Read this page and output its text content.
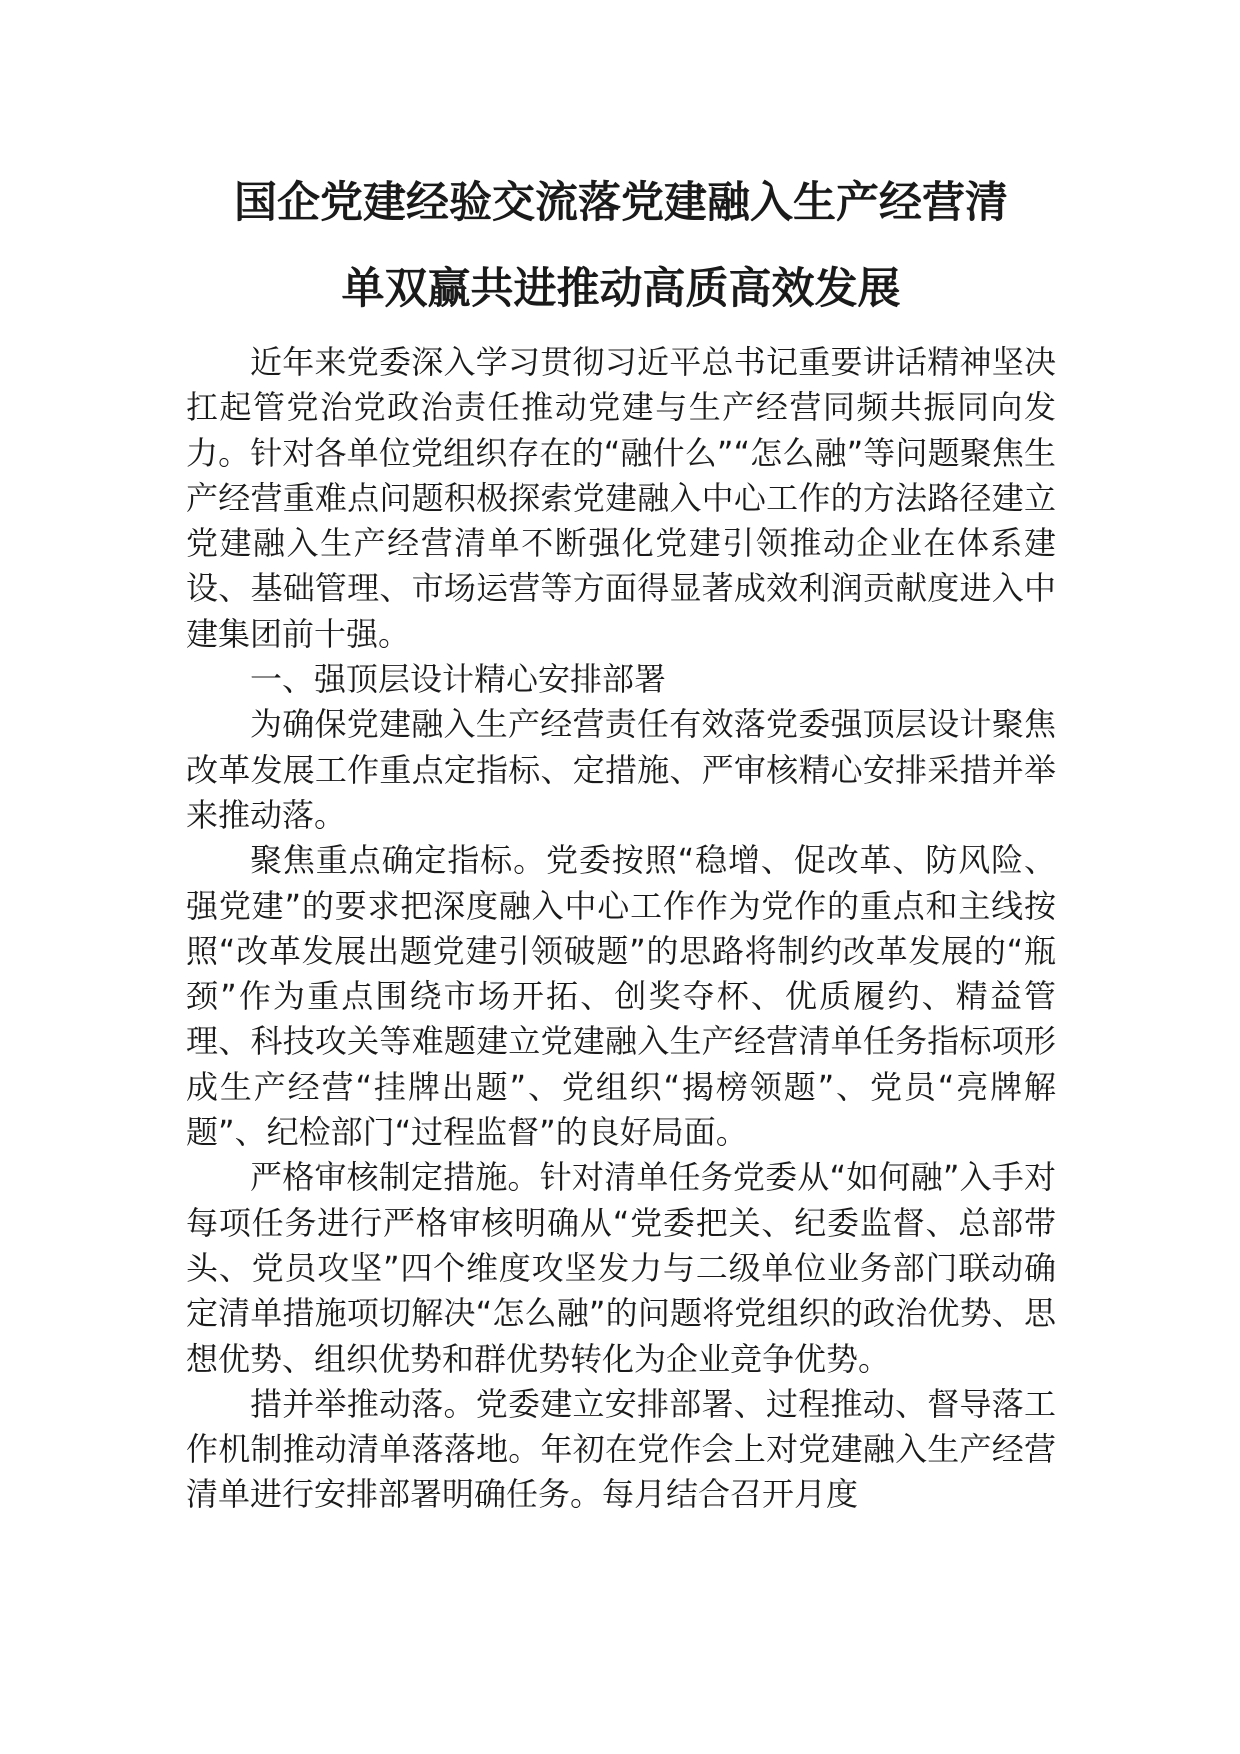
国企党建经验交流落党建融入生产经营清

单双赢共进推动高质高效发展

近年来党委深入学习贯彻习近平总书记重要讲话精神坚决扛起管党治党政治责任推动党建与生产经营同频共振同向发力。针对各单位党组织存在的“融什么”“怎么融”等问题聚焦生产经营重难点问题积极探索党建融入中心工作的方法路径建立党建融入生产经营清单不断强化党建引领推动企业在体系建设、基础管理、市场运营等方面得显著成效利润贡献度进入中建集团前十强。

一、强顶层设计精心安排部署

为确保党建融入生产经营责任有效落党委强顶层设计聚焦改革发展工作重点定指标、定措施、严审核精心安排采措并举来推动落。

聚焦重点确定指标。党委按照“稳增、促改革、防风险、强党建”的要求把深度融入中心工作作为党作的重点和主线按照“改革发展出题党建引领破题”的思路将制约改革发展的“瓶颈”作为重点围绕市场开拓、创奖夺杯、优质履约、精益管理、科技攻关等难题建立党建融入生产经营清单任务指标项形成生产经营“挂牌出题”、党组织“揭榜领题”、党员“亮牌解题”、纪检部门“过程监督”的良好局面。

严格审核制定措施。针对清单任务党委从“如何融”入手对每项任务进行严格审核明确从“党委把关、纪委监督、总部带头、党员攻坚”四个维度攻坚发力与二级单位业务部门联动确定清单措施项切解决“怎么融”的问题将党组织的政治优势、思想优势、组织优势和群优势转化为企业竞争优势。

措并举推动落。党委建立安排部署、过程推动、督导落工作机制推动清单落落地。年初在党作会上对党建融入生产经营清单进行安排部署明确任务。每月结合召开月度
